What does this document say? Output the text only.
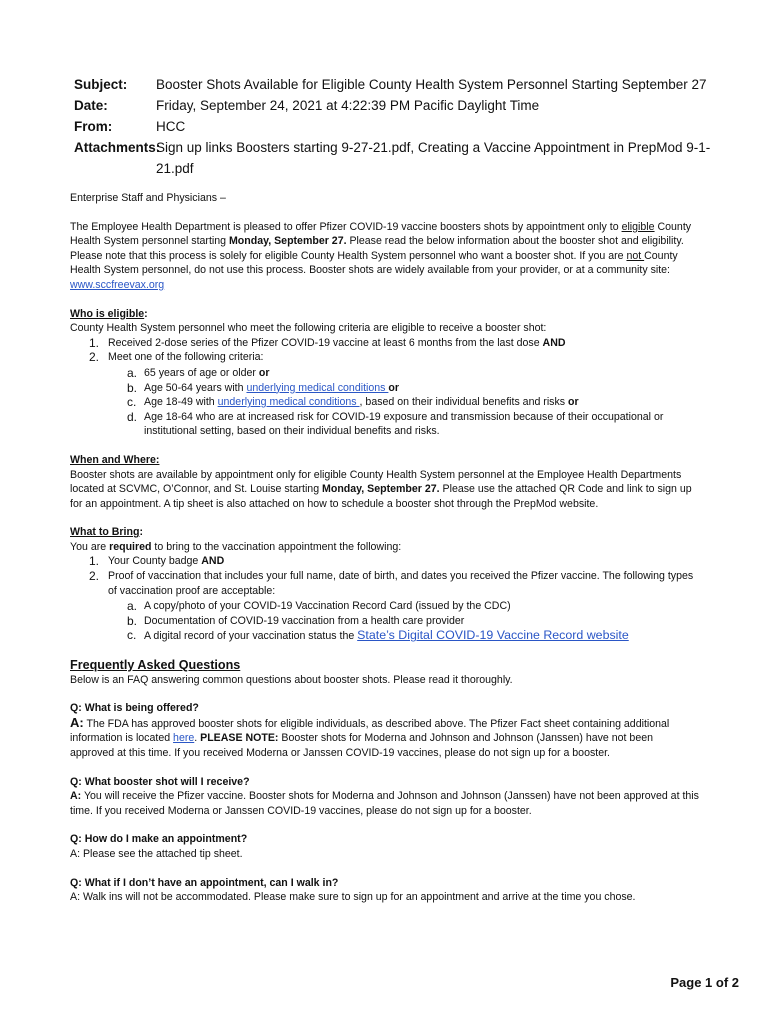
Subject:	Booster Shots Available for Eligible County Health System Personnel Starting September 27
Date:	Friday, September 24, 2021 at 4:22:39 PM Pacific Daylight Time
From:	HCC
Attachments:
Sign up links Boosters starting 9-27-21.pdf, Creating a Vaccine Appointment in PrepMod 9-1-21.pdf

Enterprise Staff and Physicians –

The Employee Health Department is pleased to offer Pfizer COVID-19 vaccine boosters shots by appointment only to eligible County Health System personnel starting Monday, September 27. Please read the below information about the booster shot and eligibility. Please note that this process is solely for eligible County Health System personnel who want a booster shot. If you are not County Health System personnel, do not use this process. Booster shots are widely available from your provider, or at a community site: www.sccfreevax.org

Who is eligible:

County Health System personnel who meet the following criteria are eligible to receive a booster shot:

1. Received 2-dose series of the Pfizer COVID-19 vaccine at least 6 months from the last dose AND
2. Meet one of the following criteria:
a. 65 years of age or older or
b. Age 50-64 years with underlying medical conditions or
c. Age 18-49 with underlying medical conditions , based on their individual benefits and risks or
d. Age 18-64 who are at increased risk for COVID-19 exposure and transmission because of their occupational or institutional setting, based on their individual benefits and risks.

When and Where:

Booster shots are available by appointment only for eligible County Health System personnel at the Employee Health Departments located at SCVMC, O’Connor, and St. Louise starting Monday, September 27. Please use the attached QR Code and link to sign up for an appointment. A tip sheet is also attached on how to schedule a booster shot through the PrepMod website.

What to Bring:

You are required to bring to the vaccination appointment the following:

1. Your County badge AND
2. Proof of vaccination that includes your full name, date of birth, and dates you received the Pfizer vaccine. The following types of vaccination proof are acceptable:
a. A copy/photo of your COVID-19 Vaccination Record Card (issued by the CDC)
b. Documentation of COVID-19 vaccination from a health care provider
c. A digital record of your vaccination status the State’s Digital COVID-19 Vaccine Record website

Frequently Asked Questions

Below is an FAQ answering common questions about booster shots. Please read it thoroughly.

Q: What is being offered?

A: The FDA has approved booster shots for eligible individuals, as described above. The Pfizer Fact sheet containing additional information is located here. PLEASE NOTE: Booster shots for Moderna and Johnson and Johnson (Janssen) have not been approved at this time. If you received Moderna or Janssen COVID-19 vaccines, please do not sign up for a booster.

Q: What booster shot will I receive?

A: You will receive the Pfizer vaccine. Booster shots for Moderna and Johnson and Johnson (Janssen) have not been approved at this time. If you received Moderna or Janssen COVID-19 vaccines, please do not sign up for a booster.

Q: How do I make an appointment?

A: Please see the attached tip sheet.

Q: What if I don’t have an appointment, can I walk in?

A: Walk ins will not be accommodated. Please make sure to sign up for an appointment and arrive at the time you chose.

Page 1 of 2
